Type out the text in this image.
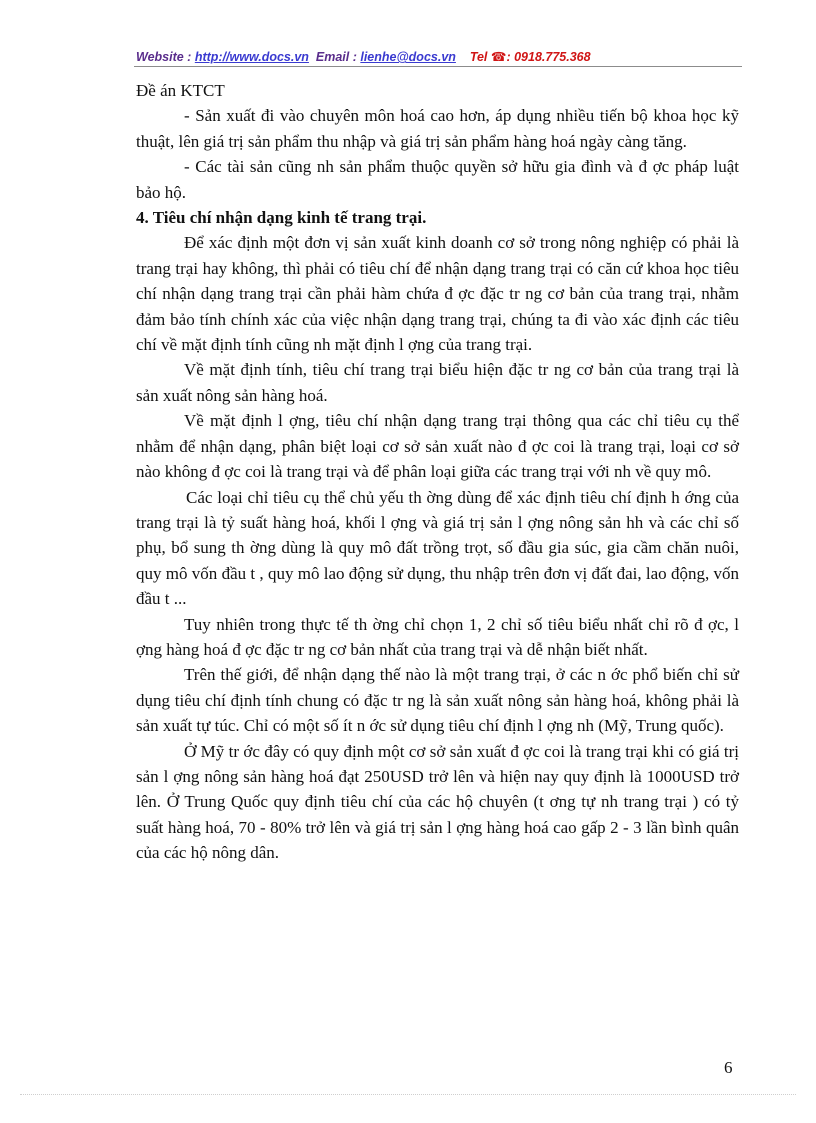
Website : http://www.docs.vn Email : lienhe@docs.vn Tel ☎: 0918.775.368

Đề án KTCT

- Sản xuất đi vào chuyên môn hoá cao hơn, áp dụng nhiều tiến bộ khoa học kỹ thuật, lên giá trị sản phẩm thu nhập và giá trị sản phẩm hàng hoá ngày càng tăng.

- Các tài sản cũng nh sản phẩm thuộc quyền sở hữu gia đình và đ ợc pháp luật bảo hộ.

4. Tiêu chí nhận dạng kinh tế trang trại.

Để xác định một đơn vị sản xuất kinh doanh cơ sở trong nông nghiệp có phải là trang trại hay không, thì phải có tiêu chí để nhận dạng trang trại có căn cứ khoa học tiêu chí nhận dạng trang trại cần phải hàm chứa đ ợc đặc tr ng cơ bản của trang trại, nhằm đảm bảo tính chính xác của việc nhận dạng trang trại, chúng ta đi vào xác định các tiêu chí về mặt định tính cũng nh mặt định l ợng của trang trại.

Về mặt định tính, tiêu chí trang trại biểu hiện đặc tr ng cơ bản của trang trại là sản xuất nông sản hàng hoá.

Về mặt định l ợng, tiêu chí nhận dạng trang trại thông qua các chỉ tiêu cụ thể nhằm để nhận dạng, phân biệt loại cơ sở sản xuất nào đ ợc coi là trang trại, loại cơ sở nào không đ ợc coi là trang trại và để phân loại giữa các trang trại với nh về quy mô.

Các loại chỉ tiêu cụ thể chủ yếu th ờng dùng để xác định tiêu chí định h ớng của trang trại là tỷ suất hàng hoá, khối l ợng và giá trị sản l ợng nông sản hh và các chỉ số phụ, bổ sung th ờng dùng là quy mô đất trồng trọt, số đầu gia súc, gia cầm chăn nuôi, quy mô vốn đầu t , quy mô lao động sử dụng, thu nhập trên đơn vị đất đai, lao động, vốn đầu t ...

Tuy nhiên trong thực tế th ờng chỉ chọn 1, 2 chỉ số tiêu biểu nhất chỉ rõ đ ợc, l ợng hàng hoá đ ợc đặc tr ng cơ bản nhất của trang trại và dễ nhận biết nhất.

Trên thế giới, để nhận dạng thế nào là một trang trại, ở các n ớc phổ biến chỉ sử dụng tiêu chí định tính chung có đặc tr ng là sản xuất nông sản hàng hoá, không phải là sản xuất tự túc. Chỉ có một số ít n ớc sử dụng tiêu chí định l ợng nh (Mỹ, Trung quốc).

Ở Mỹ tr ớc đây có quy định một cơ sở sản xuất đ ợc coi là trang trại khi có giá trị sản l ợng nông sản hàng hoá đạt 250USD trở lên và hiện nay quy định là 1000USD trở lên. Ở Trung Quốc quy định tiêu chí của các hộ chuyên (t ơng tự nh trang trại ) có tỷ suất hàng hoá, 70 - 80% trở lên và giá trị sản l ợng hàng hoá cao gấp 2 - 3 lần bình quân của các hộ nông dân.

6
